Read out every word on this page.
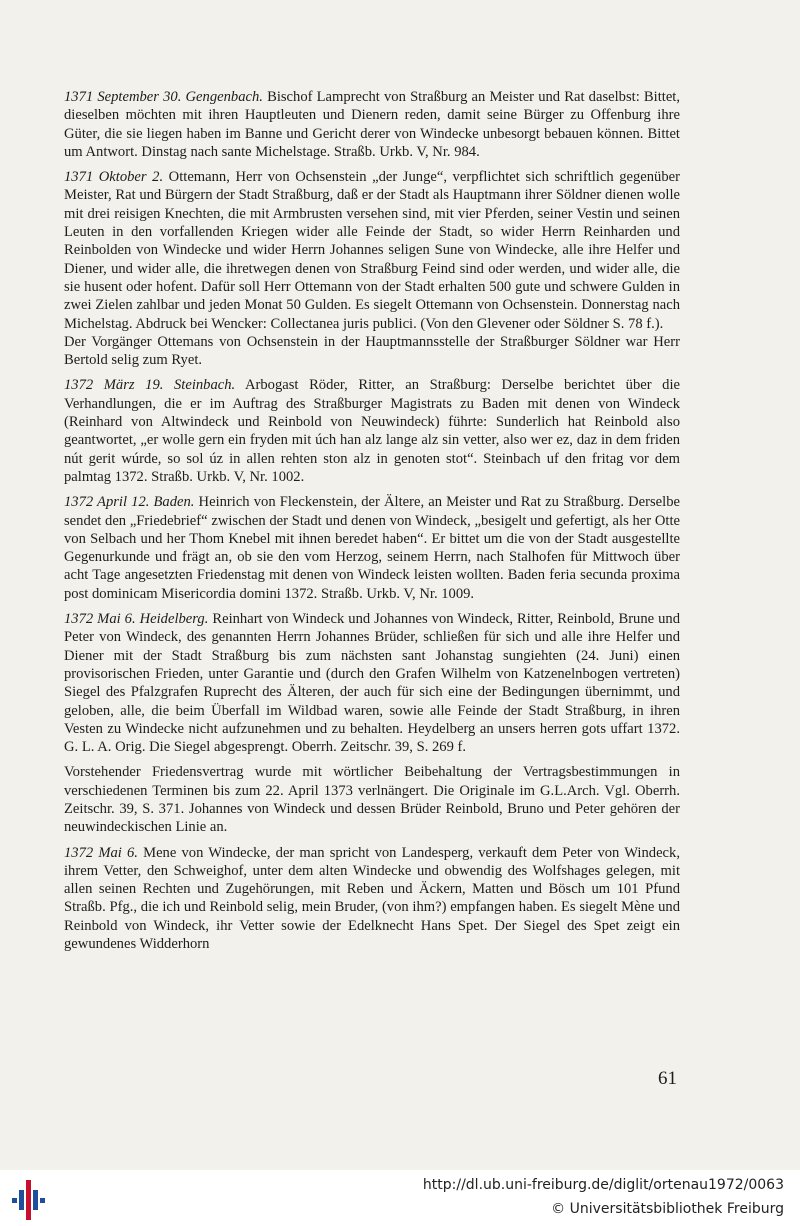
1371 September 30. Gengenbach. Bischof Lamprecht von Straßburg an Meister und Rat daselbst: Bittet, dieselben möchten mit ihren Hauptleuten und Dienern reden, damit seine Bürger zu Offenburg ihre Güter, die sie liegen haben im Banne und Gericht derer von Windecke unbesorgt bebauen können. Bittet um Antwort. Dinstag nach sante Michelstage. Straßb. Urkb. V, Nr. 984.

1371 Oktober 2. Ottemann, Herr von Ochsenstein „der Junge“, verpflichtet sich schriftlich gegenüber Meister, Rat und Bürgern der Stadt Straßburg, daß er der Stadt als Hauptmann ihrer Söldner dienen wolle mit drei reisigen Knechten, die mit Armbrusten versehen sind, mit vier Pferden, seiner Vestin und seinen Leuten in den vorfallenden Kriegen wider alle Feinde der Stadt, so wider Herrn Reinharden und Reinbolden von Windecke und wider Herrn Johannes seligen Sune von Windecke, alle ihre Helfer und Diener, und wider alle, die ihretwegen denen von Straßburg Feind sind oder werden, und wider alle, die sie husent oder hofent. Dafür soll Herr Ottemann von der Stadt erhalten 500 gute und schwere Gulden in zwei Zielen zahlbar und jeden Monat 50 Gulden. Es siegelt Ottemann von Ochsenstein. Donnerstag nach Michelstag. Abdruck bei Wencker: Collectanea juris publici. (Von den Glevener oder Söldner S. 78 f.).

Der Vorgänger Ottemans von Ochsenstein in der Hauptmannsstelle der Straßburger Söldner war Herr Bertold selig zum Ryet.

1372 März 19. Steinbach. Arbogast Röder, Ritter, an Straßburg: Derselbe berichtet über die Verhandlungen, die er im Auftrag des Straßburger Magistrats zu Baden mit denen von Windeck (Reinhard von Altwindeck und Reinbold von Neuwindeck) führte: Sunderlich hat Reinbold also geantwortet, „er wolle gern ein fryden mit úch han alz lange alz sin vetter, also wer ez, daz in dem friden nút gerit wúrde, so sol úz in allen rehten ston alz in genoten stot“. Steinbach uf den fritag vor dem palmtag 1372. Straßb. Urkb. V, Nr. 1002.

1372 April 12. Baden. Heinrich von Fleckenstein, der Ältere, an Meister und Rat zu Straßburg. Derselbe sendet den „Friedebrief“ zwischen der Stadt und denen von Windeck, „besigelt und gefertigt, als her Otte von Selbach und her Thom Knebel mit ihnen beredet haben“. Er bittet um die von der Stadt ausgestellte Gegenurkunde und frägt an, ob sie den vom Herzog, seinem Herrn, nach Stalhofen für Mittwoch über acht Tage angesetzten Friedenstag mit denen von Windeck leisten wollten. Baden feria secunda proxima post dominicam Misericordia domini 1372. Straßb. Urkb. V, Nr. 1009.

1372 Mai 6. Heidelberg. Reinhart von Windeck und Johannes von Windeck, Ritter, Reinbold, Brune und Peter von Windeck, des genannten Herrn Johannes Brüder, schließen für sich und alle ihre Helfer und Diener mit der Stadt Straßburg bis zum nächsten sant Johanstag sungiehten (24. Juni) einen provisorischen Frieden, unter Garantie und (durch den Grafen Wilhelm von Katzenelnbogen vertreten) Siegel des Pfalzgrafen Ruprecht des Älteren, der auch für sich eine der Bedingungen übernimmt, und geloben, alle, die beim Überfall im Wildbad waren, sowie alle Feinde der Stadt Straßburg, in ihren Vesten zu Windecke nicht aufzunehmen und zu behalten. Heydelberg an unsers herren gots uffart 1372. G. L. A. Orig. Die Siegel abgesprengt. Oberrh. Zeitschr. 39, S. 269 f.

Vorstehender Friedensvertrag wurde mit wörtlicher Beibehaltung der Vertragsbestimmungen in verschiedenen Terminen bis zum 22. April 1373 verlnängert. Die Originale im G.L.Arch. Vgl. Oberrh. Zeitschr. 39, S. 371. Johannes von Windeck und dessen Brüder Reinbold, Bruno und Peter gehören der neuwindeckischen Linie an.

1372 Mai 6. Mene von Windecke, der man spricht von Landesperg, verkauft dem Peter von Windeck, ihrem Vetter, den Schweighof, unter dem alten Windecke und obwendig des Wolfshages gelegen, mit allen seinen Rechten und Zugehörungen, mit Reben und Äckern, Matten und Bösch um 101 Pfund Straßb. Pfg., die ich und Reinbold selig, mein Bruder, (von ihm?) empfangen haben. Es siegelt Mène und Reinbold von Windeck, ihr Vetter sowie der Edelknecht Hans Spet. Der Siegel des Spet zeigt ein gewundenes Widderhorn

61
http://dl.ub.uni-freiburg.de/diglit/ortenau1972/0063
© Universitätsbibliothek Freiburg
